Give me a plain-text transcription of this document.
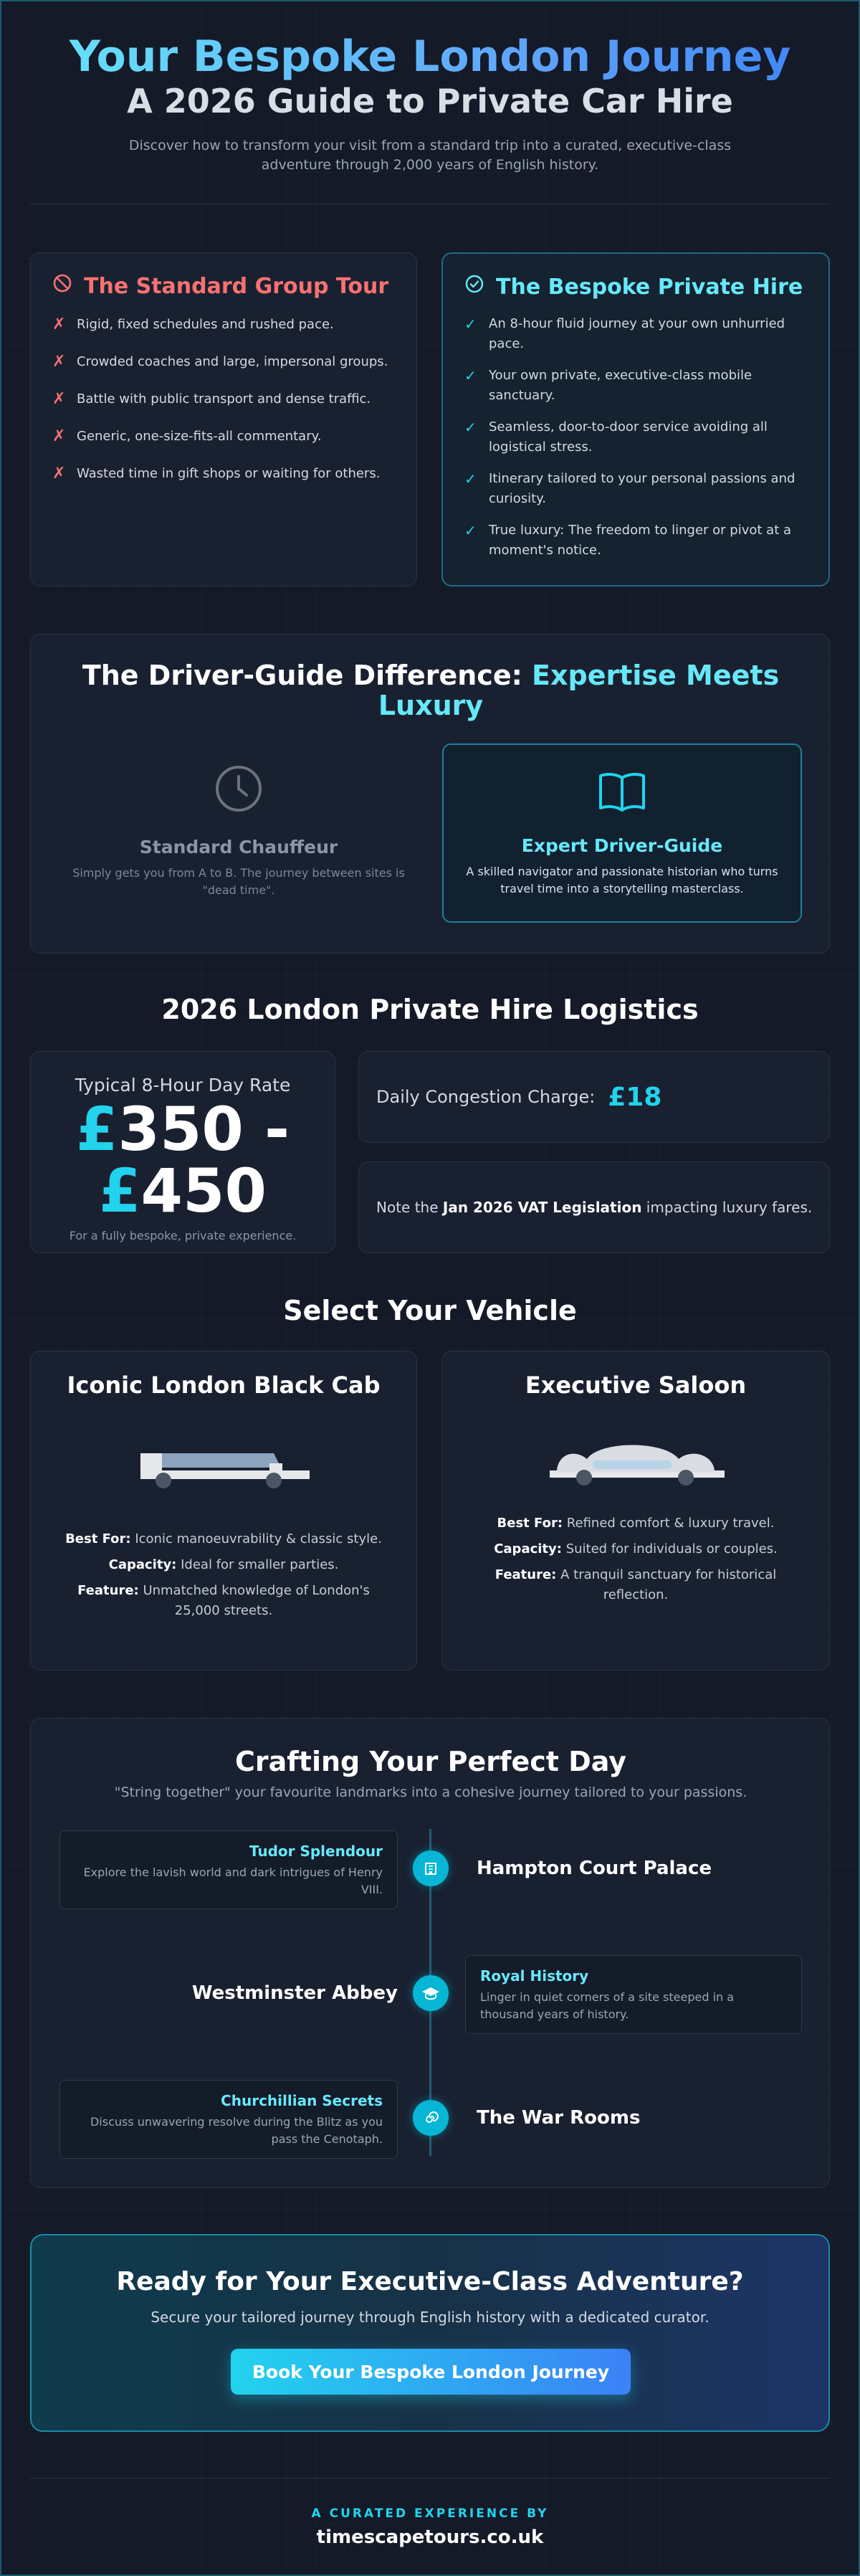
Your Bespoke London Journey
A 2026 Guide to Private Car Hire

Discover how to transform your visit from a standard trip into a curated, executive-class adventure through 2,000 years of English history.

The Standard Group Tour
✗ Rigid, fixed schedules and rushed pace.
✗ Crowded coaches and large, impersonal groups.
✗ Battle with public transport and dense traffic.
✗ Generic, one-size-fits-all commentary.
✗ Wasted time in gift shops or waiting for others.
The Bespoke Private Hire
✓ An 8-hour fluid journey at your own unhurried pace.
✓ Your own private, executive-class mobile sanctuary.
✓ Seamless, door-to-door service avoiding all logistical stress.
✓ Itinerary tailored to your personal passions and curiosity.
✓ True luxury: The freedom to linger or pivot at a moment's notice.
The Driver-Guide Difference: Expertise Meets Luxury
Standard Chauffeur
Simply gets you from A to B. The journey between sites is "dead time".
Expert Driver-Guide
A skilled navigator and passionate historian who turns travel time into a storytelling masterclass.
2026 London Private Hire Logistics
Typical 8-Hour Day Rate
£350 -
£450
For a fully bespoke, private experience.
Daily Congestion Charge: £18
Note the Jan 2026 VAT Legislation impacting luxury fares.
Select Your Vehicle
Iconic London Black Cab
Best For: Iconic manoeuvrability & classic style.
Capacity: Ideal for smaller parties.
Feature: Unmatched knowledge of London's 25,000 streets.
Executive Saloon
Best For: Refined comfort & luxury travel.
Capacity: Suited for individuals or couples.
Feature: A tranquil sanctuary for historical reflection.
Crafting Your Perfect Day
"String together" your favourite landmarks into a cohesive journey tailored to your passions.
Tudor Splendour
Explore the lavish world and dark intrigues of Henry VIII.
Hampton Court Palace
Westminster Abbey
Royal History
Linger in quiet corners of a site steeped in a thousand years of history.
Churchillian Secrets
Discuss unwavering resolve during the Blitz as you pass the Cenotaph.
The War Rooms
Ready for Your Executive-Class Adventure?
Secure your tailored journey through English history with a dedicated curator.
Book Your Bespoke London Journey
A CURATED EXPERIENCE BY
timescapetours.co.uk
